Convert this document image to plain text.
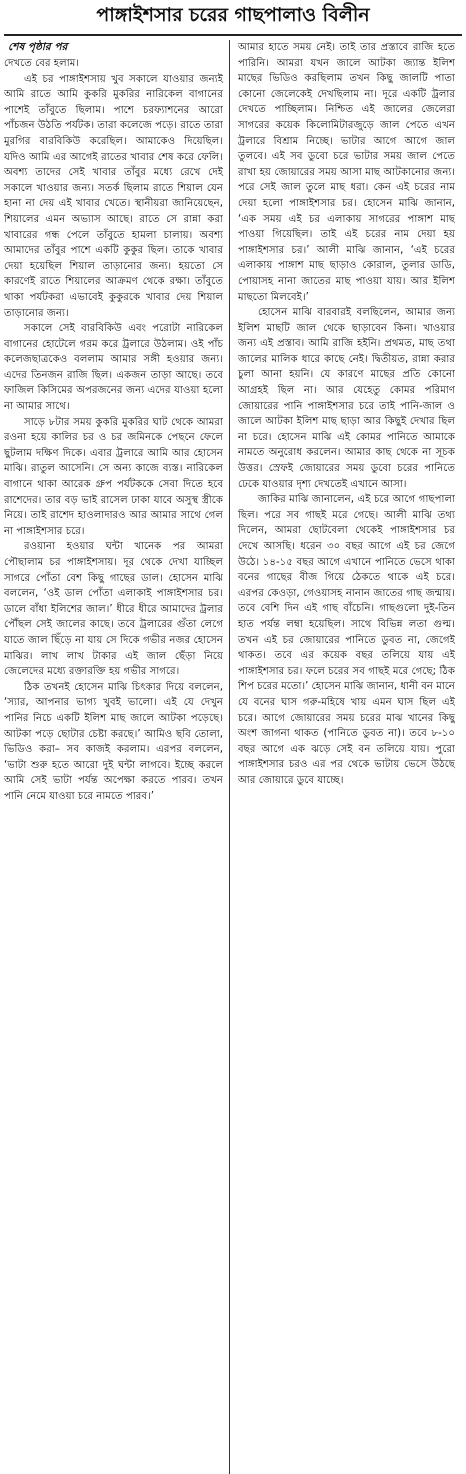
পাঙ্গাইশসার চরের গাছপালাও বিলীন
শেষ পৃষ্ঠার পর

দেখতে বের হলাম।

এই চর পাঙ্গাইশসায় খুব সকালে যাওয়ার জন্যই আমি রাতে আমি কুকরি মুকরির নারিকেল বাগানের পাশেই তাঁবুতে ছিলাম। পাশে চরফ্যাশনের আরো পাঁচজন উঠতি পর্যটক। তারা কলেজে পড়ে। রাতে তারা মুরগির বারবিকিউ করেছিল। আমাকেও দিয়েছিল। যদিও আমি এর আগেই রাতের খাবার শেষ করে ফেলি। অবশ্য তাদের সেই খাবার তাঁবুর মধ্যে রেখে দেই সকালে খাওয়ার জন্য। সতর্ক ছিলাম রাতে শিয়াল যেন হানা না দেয় এই খাবার খেতে। স্থানীয়রা জানিয়েছেন, শিয়ালের এমন অভ্যাস আছে। রাতে সে রান্না করা খাবারের গন্ধ পেলে তাঁবুতে হামলা চালায়। অবশ্য আমাদের তাঁবুর পাশে একটি কুকুর ছিল। তাকে খাবার দেয়া হয়েছিল শিয়াল তাড়ানোর জন্য। হয়তো সে কারণেই রাতে শিয়ালের আক্রমণ থেকে রক্ষা। তাঁবুতে থাকা পর্যটকরা এভাবেই কুকুরকে খাবার দেয় শিয়াল তাড়ানোর জন্য।

সকালে সেই বারবিকিউ এবং পরোটা নারিকেল বাগানের হোটেলে গরম করে ট্রলারে উঠলাম। ওই পাঁচ কলেজছাত্রকেও বললাম আমার সঙ্গী হওয়ার জন্য। এদের তিনজন রাজি ছিল। একজন তাড়া আছে। তবে ফাজিল কিসিমের অপরজনের জন্য এদের যাওয়া হলো না আমার সাথে।

সাড়ে ৮টার সময় কুকরি মুকরির ঘাট থেকে আমরা রওনা হয়ে কালির চর ও চর জমিনকে পেছনে ফেলে ছুটলাম দক্ষিণ দিকে। এবার ট্রলারে আমি আর হোসেন মাঝি। রাতুল আসেনি। সে অন্য কাজে ব্যস্ত। নারিকেল বাগানে থাকা আরেক গ্রুপ পর্যটককে সেবা দিতে হবে রাশেদের। তার বড় ভাই রাসেল ঢাকা যাবে অসুস্থ স্ত্রীকে নিয়ে। তাই রাশেদ হাওলাদারও আর আমার সাথে গেল না পাঙ্গাইশসার চরে।

রওয়ানা হওয়ার ঘন্টা খানেক পর আমরা পৌছালাম চর পাঙ্গাইশসায়। দূর থেকে দেখা যাচ্ছিল সাগরে পোঁতা বেশ কিছু গাছের ডাল। হোসেন মাঝি বললেন, ‘ওই ডাল পোঁতা এলাকাই পাঙ্গাইশসার চর। ডালে বাঁধা ইলিশের জাল।’ ধীরে ধীরে আমাদের ট্রলার পৌঁছল সেই জালের কাছে। তবে ট্রলারের গুঁতা লেগে যাতে জাল ছিঁড়ে না যায় সে দিকে গভীর নজর হোসেন মাঝির। লাখ লাখ টাকার এই জাল ছেঁড়া নিয়ে জেলেদের মধ্যে রক্তারক্তি হয় গভীর সাগরে।

ঠিক তখনই হোসেন মাঝি চিৎকার দিয়ে বললেন, ‘স্যার, আপনার ভাগ্য খুবই ভালো। এই যে দেখুন পানির নিচে একটি ইলিশ মাছ জালে আটকা পড়েছে। আটকা পড়ে ছোটার চেষ্টা করছে।’ আমিও ছবি তোলা, ভিডিও করা– সব কাজই করলাম। এরপর বললেন, ‘ভাটা শুরু হতে আরো দুই ঘন্টা লাগবে। ইচ্ছে করলে আমি সেই ভাটা পর্যন্ত অপেক্ষা করতে পারব। তখন পানি নেমে যাওয়া চরে নামতে পারব।’

আমার হাতে সময় নেই। তাই তার প্রস্তাবে রাজি হতে পারিনি। আমরা যখন জালে আটকা জ্যান্ত ইলিশ মাছের ভিডিও করছিলাম তখন কিছু জালটি পাতা কোনো জেলেকেই দেখছিলাম না। দূরে একটি ট্রলার দেখতে পাচ্ছিলাম। নিশ্চিত এই জালের জেলেরা সাগরের কয়েক কিলোমিটারজুড়ে জাল পেতে এখন ট্রলারে বিশ্রাম নিচ্ছে। ভাটার আগে আগে জাল তুলবে। এই সব ডুবো চরে ভাটার সময় জাল পেতে রাখা হয় জোয়ারের সময় আসা মাছ আটকানোর জন্য। পরে সেই জাল তুলে মাছ ধরা। কেন এই চরের নাম দেয়া হলো পাঙ্গাইশসার চর। হোসেন মাঝি জানান, ‘এক সময় এই চর এলাকায় সাগরের পাঙ্গাশ মাছ পাওয়া গিয়েছিল। তাই এই চরের নাম দেয়া হয় পাঙ্গাইশসার চর।’ আলী মাঝি জানান, ‘এই চরের এলাকায় পাঙ্গাশ মাছ ছাড়াও কোরাল, তুলার ডাডি, পোয়াসহ নানা জাতের মাছ পাওয়া যায়। আর ইলিশ মাছতো মিলবেই।’

হোসেন মাঝি বারবারই বলছিলেন, আমার জন্য ইলিশ মাছটি জাল থেকে ছাড়াবেন কিনা। খাওয়ার জন্য এই প্রস্তাব। আমি রাজি হইনি। প্রথমত, মাছ তথা জালের মালিক ধারে কাছে নেই। দ্বিতীয়ত, রান্না করার চুলা আনা হয়নি। যে কারণে মাছের প্রতি কোনো আগ্রহই ছিল না। আর যেহেতু কোমর পরিমাণ জোয়ারের পানি পাঙ্গাইশসার চরে তাই পানি-জাল ও জালে আটকা ইলিশ মাছ ছাড়া আর কিছুই দেখার ছিল না চরে। হোসেন মাঝি এই কোমর পানিতে আমাকে নামতে অনুরোধ করলেন। আমার কাছ থেকে না সূচক উত্তর। স্রেফই জোয়ারের সময় ডুবো চরের পানিতে ঢেকে যাওয়ার দৃশ্য দেখতেই এখানে আসা।

জাকির মাঝি জানালেন, এই চরে আগে গাছপালা ছিল। পরে সব গাছই মরে গেছে। আলী মাঝি তথ্য দিলেন, আমরা ছোটবেলা থেকেই পাঙ্গাইশসার চর দেখে আসছি। ধরেন ৩০ বছর আগে এই চর জেগে উঠে। ১৪-১৫ বছর আগে এখানে পানিতে ভেসে থাকা বনের গাছের বীজ গিয়ে ঠেকতে থাকে এই চরে। এরপর কেওড়া, গেওয়াসহ নানান জাতের গাছ জন্মায়। তবে বেশি দিন এই গাছ বাঁচেনি। গাছগুলো দুই-তিন হাত পর্যন্ত লম্বা হয়েছিল। সাথে বিভিন্ন লতা গুল্ম। তখন এই চর জোয়ারের পানিতে ডুবত না, জেগেই থাকত। তবে এর কয়েক বছর তলিয়ে যায় এই পাঙ্গাইশসার চর। ফলে চরের সব গাছই মরে গেছে; ঠিক শিপ চরের মতো।’ হোসেন মাঝি জানান, ধানী বন মানে যে বনের ঘাস গরু-মহিষে খায় এমন ঘাস ছিল এই চরে। আগে জোয়ারের সময় চরের মাঝ খানের কিছু অংশ জাগনা থাকত (পানিতে ডুবত না)। তবে ৮-১০ বছর আগে এক ঝড়ে সেই বন তলিয়ে যায়। পুরো পাঙ্গাইশসার চরও এর পর থেকে ভাটায় ভেসে উঠছে আর জোয়ারে ডুবে যাচ্ছে।
